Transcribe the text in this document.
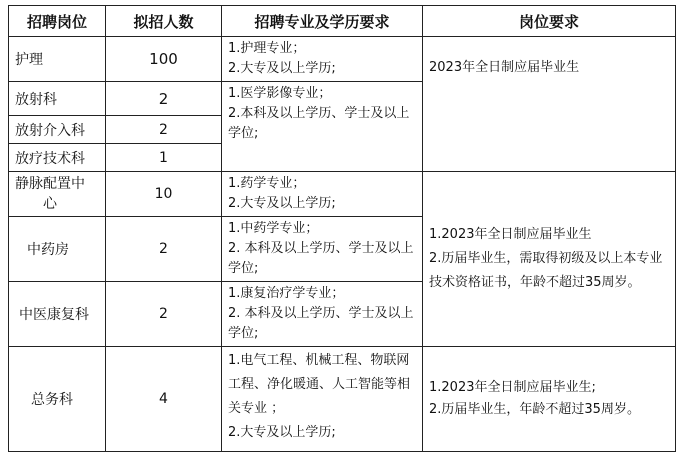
招聘岗位	拟招人数	招聘专业及学历要求	岗位要求
护理	100	1.护理专业；
2.大专及以上学历;	2023年全日制应届毕业生
放射科	2	1.医学影像专业；
2.本科及以上学历、学士及以上学位;	

放射介入科	2		
放疗技术科	1		

静脉配置中心	10	1.药学专业；
2.大专及以上学历;	1.2023年全日制应届毕业生
2.历届毕业生，需取得初级及以上本专业技术资格证书，年龄不超过35周岁。

中药房	2	1.中药学专业；
2. 本科及以上学历、学士及以上学位;	

中医康复科	2	1.康复治疗学专业；
2. 本科及以上学历、学士及以上学位;	

总务科	4	1.电气工程、机械工程、物联网工程、净化暖通、人工智能等相关专业 ；
2.大专及以上学历;	1.2023年全日制应届毕业生;
2.历届毕业生，年龄不超过35周岁。
